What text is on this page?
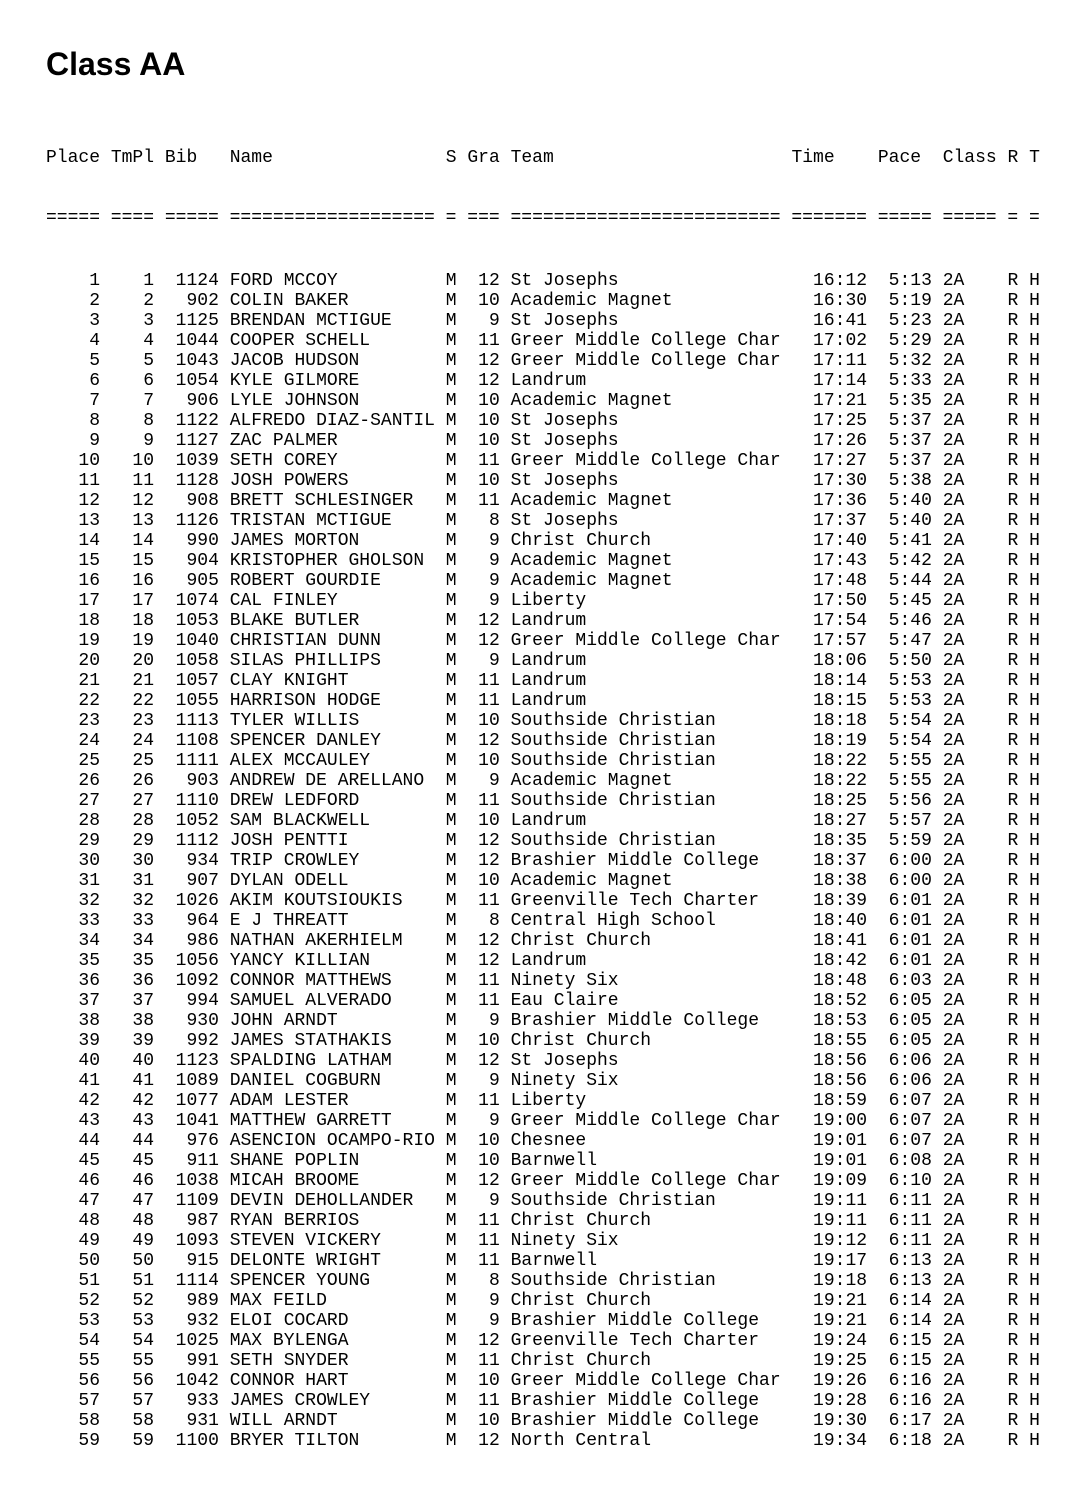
Class AA

Place TmPl Bib   Name                S Gra Team                      Time    Pace  Class R T

===== ==== ===== =================== = === ========================= ======= ===== ===== = =

1    1  1124 FORD MCCOY          M  12 St Josephs                  16:12  5:13 2A    R H
2    2   902 COLIN BAKER         M  10 Academic Magnet             16:30  5:19 2A    R H
3    3  1125 BRENDAN MCTIGUE     M   9 St Josephs                  16:41  5:23 2A    R H
4    4  1044 COOPER SCHELL       M  11 Greer Middle College Char   17:02  5:29 2A    R H
5    5  1043 JACOB HUDSON        M  12 Greer Middle College Char   17:11  5:32 2A    R H
6    6  1054 KYLE GILMORE        M  12 Landrum                     17:14  5:33 2A    R H
7    7   906 LYLE JOHNSON        M  10 Academic Magnet             17:21  5:35 2A    R H
8    8  1122 ALFREDO DIAZ-SANTIL M  10 St Josephs                  17:25  5:37 2A    R H
9    9  1127 ZAC PALMER          M  10 St Josephs                  17:26  5:37 2A    R H
10   10  1039 SETH COREY          M  11 Greer Middle College Char   17:27  5:37 2A    R H
11   11  1128 JOSH POWERS         M  10 St Josephs                  17:30  5:38 2A    R H
12   12   908 BRETT SCHLESINGER   M  11 Academic Magnet             17:36  5:40 2A    R H
13   13  1126 TRISTAN MCTIGUE     M   8 St Josephs                  17:37  5:40 2A    R H
14   14   990 JAMES MORTON        M   9 Christ Church               17:40  5:41 2A    R H
15   15   904 KRISTOPHER GHOLSON  M   9 Academic Magnet             17:43  5:42 2A    R H
16   16   905 ROBERT GOURDIE      M   9 Academic Magnet             17:48  5:44 2A    R H
17   17  1074 CAL FINLEY          M   9 Liberty                     17:50  5:45 2A    R H
18   18  1053 BLAKE BUTLER        M  12 Landrum                     17:54  5:46 2A    R H
19   19  1040 CHRISTIAN DUNN      M  12 Greer Middle College Char   17:57  5:47 2A    R H
20   20  1058 SILAS PHILLIPS      M   9 Landrum                     18:06  5:50 2A    R H
21   21  1057 CLAY KNIGHT         M  11 Landrum                     18:14  5:53 2A    R H
22   22  1055 HARRISON HODGE      M  11 Landrum                     18:15  5:53 2A    R H
23   23  1113 TYLER WILLIS        M  10 Southside Christian         18:18  5:54 2A    R H
24   24  1108 SPENCER DANLEY      M  12 Southside Christian         18:19  5:54 2A    R H
25   25  1111 ALEX MCCAULEY       M  10 Southside Christian         18:22  5:55 2A    R H
26   26   903 ANDREW DE ARELLANO  M   9 Academic Magnet             18:22  5:55 2A    R H
27   27  1110 DREW LEDFORD        M  11 Southside Christian         18:25  5:56 2A    R H
28   28  1052 SAM BLACKWELL       M  10 Landrum                     18:27  5:57 2A    R H
29   29  1112 JOSH PENTTI         M  12 Southside Christian         18:35  5:59 2A    R H
30   30   934 TRIP CROWLEY        M  12 Brashier Middle College     18:37  6:00 2A    R H
31   31   907 DYLAN ODELL         M  10 Academic Magnet             18:38  6:00 2A    R H
32   32  1026 AKIM KOUTSIOUKIS    M  11 Greenville Tech Charter     18:39  6:01 2A    R H
33   33   964 E J THREATT         M   8 Central High School         18:40  6:01 2A    R H
34   34   986 NATHAN AKERHIELM    M  12 Christ Church               18:41  6:01 2A    R H
35   35  1056 YANCY KILLIAN       M  12 Landrum                     18:42  6:01 2A    R H
36   36  1092 CONNOR MATTHEWS     M  11 Ninety Six                  18:48  6:03 2A    R H
37   37   994 SAMUEL ALVERADO     M  11 Eau Claire                  18:52  6:05 2A    R H
38   38   930 JOHN ARNDT          M   9 Brashier Middle College     18:53  6:05 2A    R H
39   39   992 JAMES STATHAKIS     M  10 Christ Church               18:55  6:05 2A    R H
40   40  1123 SPALDING LATHAM     M  12 St Josephs                  18:56  6:06 2A    R H
41   41  1089 DANIEL COGBURN      M   9 Ninety Six                  18:56  6:06 2A    R H
42   42  1077 ADAM LESTER         M  11 Liberty                     18:59  6:07 2A    R H
43   43  1041 MATTHEW GARRETT     M   9 Greer Middle College Char   19:00  6:07 2A    R H
44   44   976 ASENCION OCAMPO-RIO M  10 Chesnee                     19:01  6:07 2A    R H
45   45   911 SHANE POPLIN        M  10 Barnwell                    19:01  6:08 2A    R H
46   46  1038 MICAH BROOME        M  12 Greer Middle College Char   19:09  6:10 2A    R H
47   47  1109 DEVIN DEHOLLANDER   M   9 Southside Christian         19:11  6:11 2A    R H
48   48   987 RYAN BERRIOS        M  11 Christ Church               19:11  6:11 2A    R H
49   49  1093 STEVEN VICKERY      M  11 Ninety Six                  19:12  6:11 2A    R H
50   50   915 DELONTE WRIGHT      M  11 Barnwell                    19:17  6:13 2A    R H
51   51  1114 SPENCER YOUNG       M   8 Southside Christian         19:18  6:13 2A    R H
52   52   989 MAX FEILD           M   9 Christ Church               19:21  6:14 2A    R H
53   53   932 ELOI COCARD         M   9 Brashier Middle College     19:21  6:14 2A    R H
54   54  1025 MAX BYLENGA         M  12 Greenville Tech Charter     19:24  6:15 2A    R H
55   55   991 SETH SNYDER         M  11 Christ Church               19:25  6:15 2A    R H
56   56  1042 CONNOR HART         M  10 Greer Middle College Char   19:26  6:16 2A    R H
57   57   933 JAMES CROWLEY       M  11 Brashier Middle College     19:28  6:16 2A    R H
58   58   931 WILL ARNDT          M  10 Brashier Middle College     19:30  6:17 2A    R H
59   59  1100 BRYER TILTON        M  12 North Central               19:34  6:18 2A    R H
